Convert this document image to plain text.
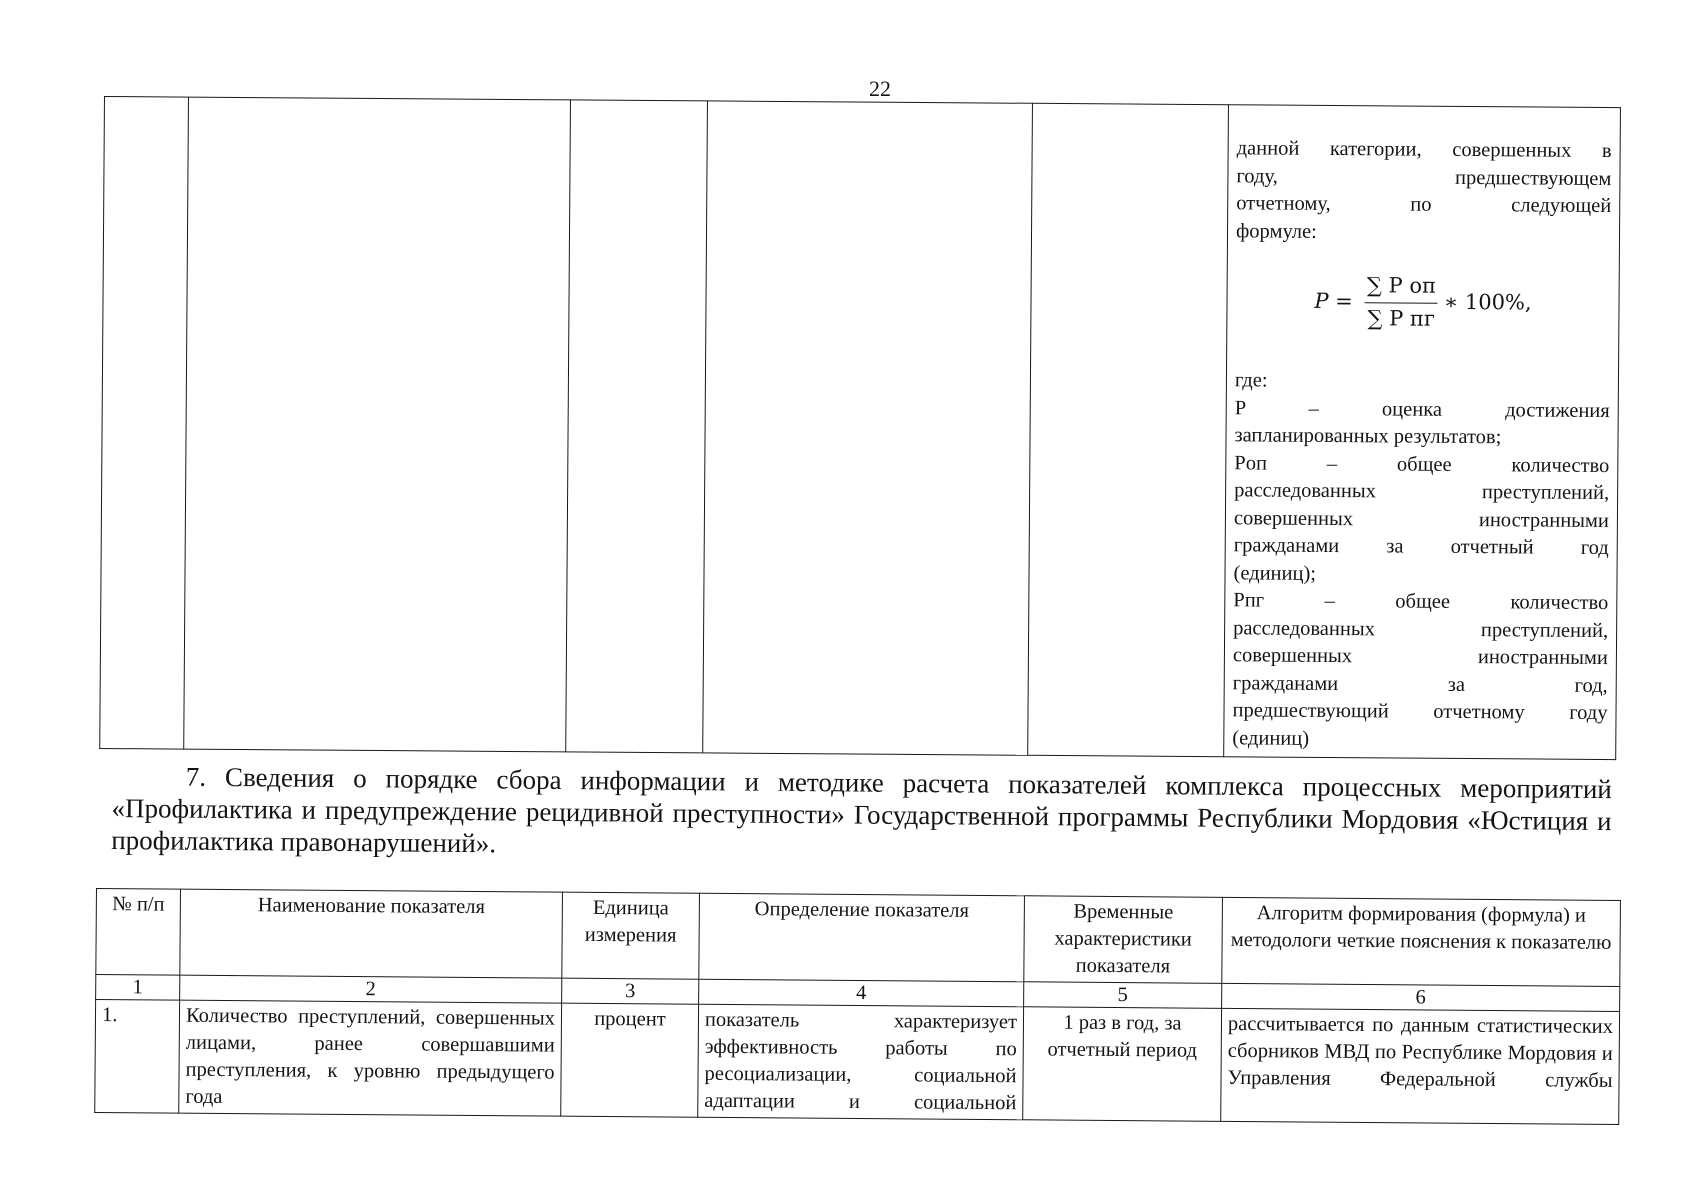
22

данной категории, совершенных в
году, предшествующем
отчетному, по следующей
формуле:
$P = \frac{\text{∑ P оп}}{\text{∑ P пг}}$ ∗ 100%,
где:
P – оценка достижения
запланированных результатов;
Pоп – общее количество
расследованных преступлений,
совершенных иностранными
гражданами за отчетный год
(единиц);
Pпг – общее количество
расследованных преступлений,
совершенных иностранными
гражданами за год,
предшествующий отчетному году
(единиц)

7. Сведения о порядке сбора информации и методике расчета показателей комплекса процессных мероприятий «Профилактика и предупреждение рецидивной преступности» Государственной программы Республики Мордовия «Юстиция и профилактика правонарушений».

№ п/п	Наименование показателя	Единица измерения	Определение показателя	Временные характеристики показателя	Алгоритм формирования (формула) и методологи четкие пояснения к показателю
1	2	3	4	5	6
1.	Количество преступлений, совершенных лицами, ранее совершавшими преступления, к уровню предыдущего года	процент	показатель характеризует эффективность работы по ресоциализации, социальной адаптации и социальной	1 раз в год, за отчетный период	рассчитывается по данным статистических сборников МВД по Республике Мордовия и Управления Федеральной службы
